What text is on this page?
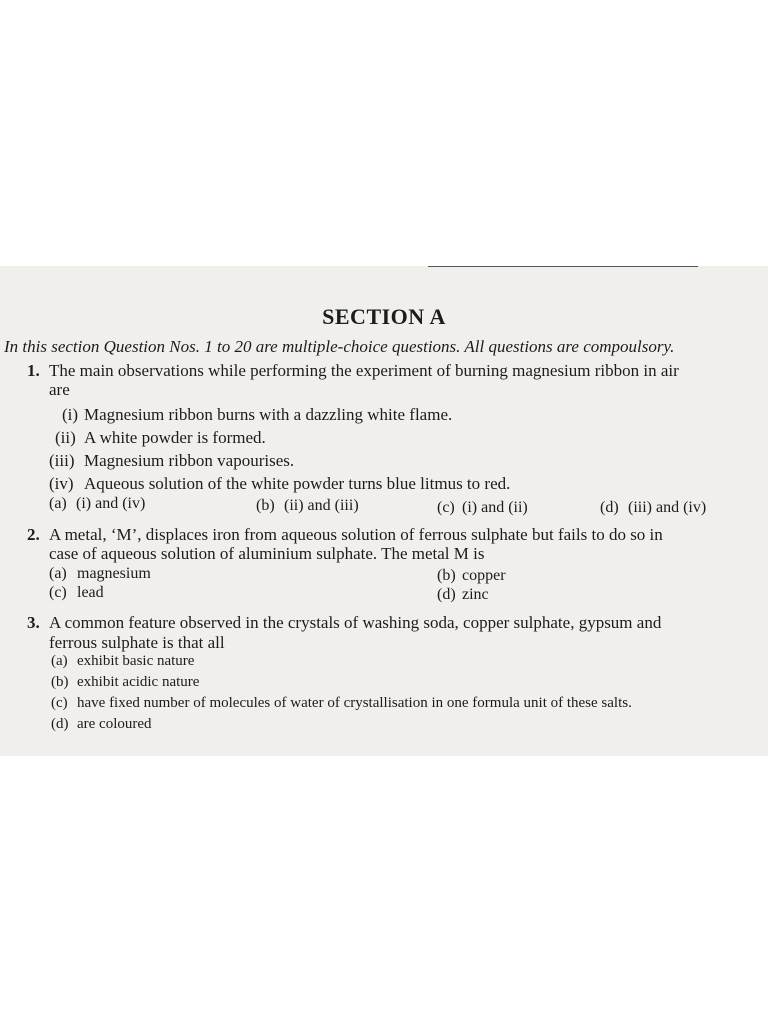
SECTION A
In this section Question Nos. 1 to 20 are multiple-choice questions. All questions are compoulsory.
1. The main observations while performing the experiment of burning magnesium ribbon in air
are
(i) Magnesium ribbon burns with a dazzling white flame.
(ii) A white powder is formed.
(iii) Magnesium ribbon vapourises.
(iv) Aqueous solution of the white powder turns blue litmus to red.
(a) (i) and (iv)	(b) (ii) and (iii)	(c) (i) and (ii)	(d) (iii) and (iv)
2. A metal, ‘M’, displaces iron from aqueous solution of ferrous sulphate but fails to do so in
case of aqueous solution of aluminium sulphate. The metal M is
(a) magnesium	(b) copper
(c) lead	(d) zinc
3. A common feature observed in the crystals of washing soda, copper sulphate, gypsum and
ferrous sulphate is that all
(a) exhibit basic nature
(b) exhibit acidic nature
(c) have fixed number of molecules of water of crystallisation in one formula unit of these salts.
(d) are coloured
